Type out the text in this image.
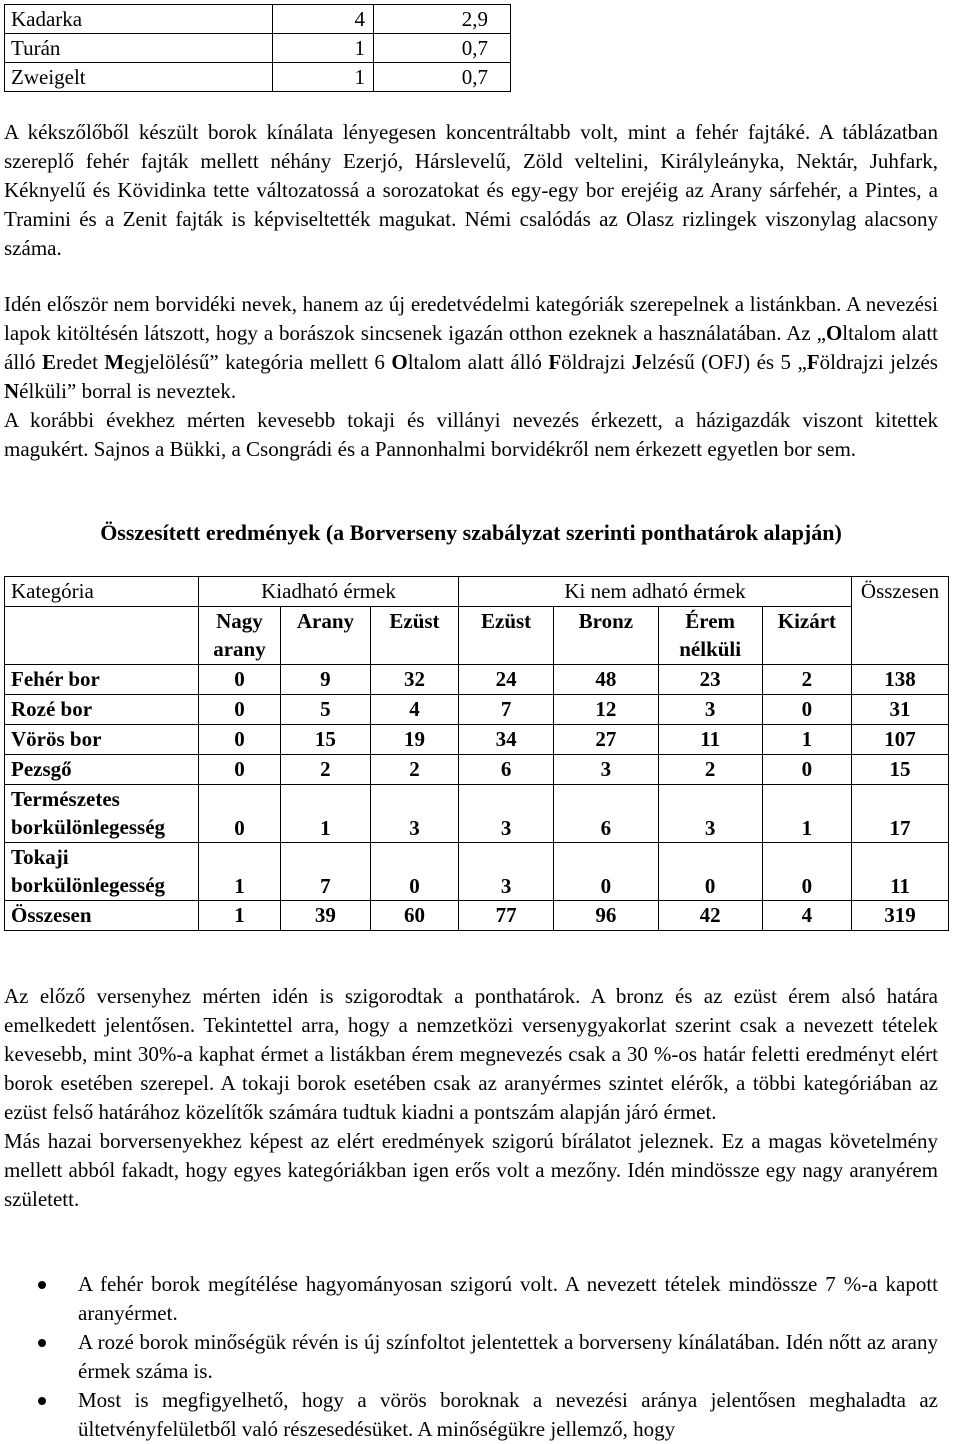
Kadarka	4	2,9
Turán	1	0,7
Zweigelt	1	0,7

A kékszőlőből készült borok kínálata lényegesen koncentráltabb volt, mint a fehér fajtáké. A táblázatban szereplő fehér fajták mellett néhány Ezerjó, Hárslevelű, Zöld veltelini, Királyleányka, Nektár, Juhfark, Kéknyelű és Kövidinka tette változatossá a sorozatokat és egy-egy bor erejéig az Arany sárfehér, a Pintes, a Tramini és a Zenit fajták is képviseltették magukat. Némi csalódás az Olasz rizlingek viszonylag alacsony száma.

Idén először nem borvidéki nevek, hanem az új eredetvédelmi kategóriák szerepelnek a listánkban. A nevezési lapok kitöltésén látszott, hogy a borászok sincsenek igazán otthon ezeknek a használatában. Az „Oltalom alatt álló Eredet Megjelölésű” kategória mellett 6 Oltalom alatt álló Földrajzi Jelzésű (OFJ) és 5 „Földrajzi jelzés Nélküli” borral is neveztek.

A korábbi évekhez mérten kevesebb tokaji és villányi nevezés érkezett, a házigazdák viszont kitettek magukért. Sajnos a Bükki, a Csongrádi és a Pannonhalmi borvidékről nem érkezett egyetlen bor sem.

Összesített eredmények (a Borverseny szabályzat szerinti ponthatárok alapján)
Kategória	Kiadható érmek			Ki nem adható érmek				Összesen
	Nagy arany	Arany	Ezüst	Ezüst	Bronz	Érem nélküli	Kizárt	
Fehér bor	0	9	32	24	48	23	2	138
Rozé bor	0	5	4	7	12	3	0	31
Vörös bor	0	15	19	34	27	11	1	107
Pezsgő	0	2	2	6	3	2	0	15

Természetes
borkülönlegesség	0	1	3	3	6	3	1	17

Tokaji
borkülönlegesség	1	7	0	3	0	0	0	11
Összesen	1	39	60	77	96	42	4	319

Az előző versenyhez mérten idén is szigorodtak a ponthatárok. A bronz és az ezüst érem alsó határa emelkedett jelentősen. Tekintettel arra, hogy a nemzetközi versenygyakorlat szerint csak a nevezett tételek kevesebb, mint 30%-a kaphat érmet a listákban érem megnevezés csak a 30 %-os határ feletti eredményt elért borok esetében szerepel. A tokaji borok esetében csak az aranyérmes szintet elérők, a többi kategóriában az ezüst felső határához közelítők számára tudtuk kiadni a pontszám alapján járó érmet.

Más hazai borversenyekhez képest az elért eredmények szigorú bírálatot jeleznek. Ez a magas követelmény mellett abból fakadt, hogy egyes kategóriákban igen erős volt a mezőny. Idén mindössze egy nagy aranyérem született.

A fehér borok megítélése hagyományosan szigorú volt. A nevezett tételek mindössze 7 %-a kapott aranyérmet.
A rozé borok minőségük révén is új színfoltot jelentettek a borverseny kínálatában. Idén nőtt az arany érmek száma is.
Most is megfigyelhető, hogy a vörös boroknak a nevezési aránya jelentősen meghaladta az ültetvényfelületből való részesedésüket. A minőségükre jellemző, hogy
